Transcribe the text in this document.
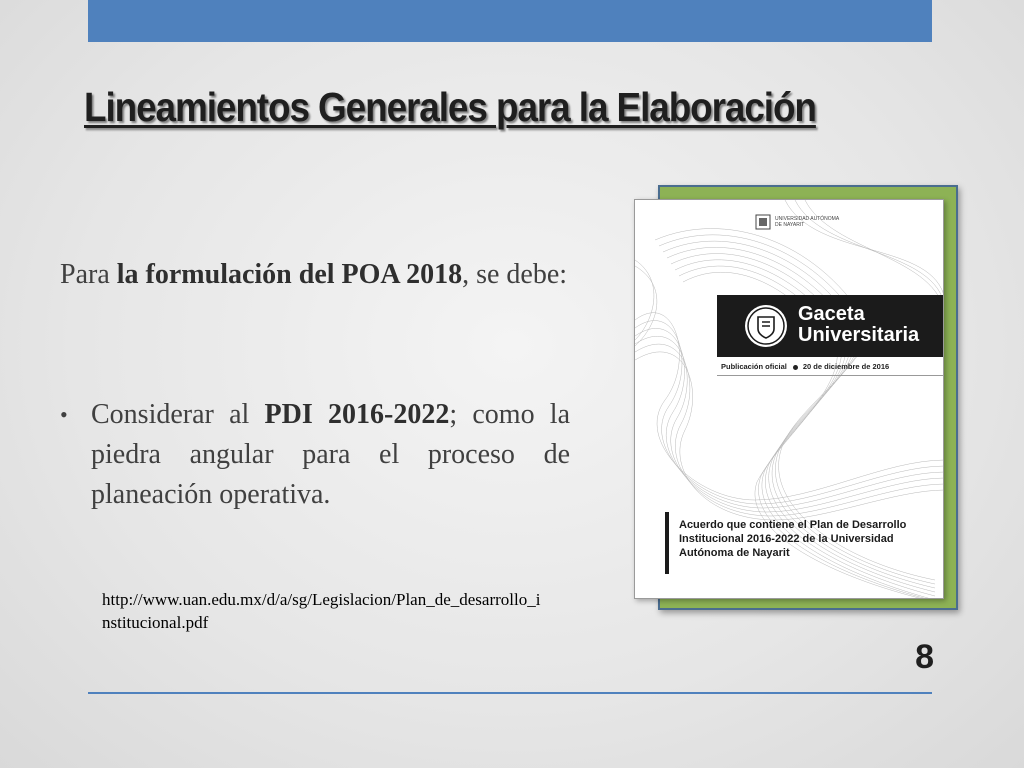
Lineamientos Generales para la Elaboración
Para la formulación del POA 2018, se debe:
• Considerar al PDI 2016-2022; como la piedra angular para el proceso de planeación operativa.
http://www.uan.edu.mx/d/a/sg/Legislacion/Plan_de_desarrollo_institucional.pdf
UNIVERSIDAD AUTÓNOMA DE NAYARIT
Gaceta Universitaria
Publicación oficial 20 de diciembre de 2016
Acuerdo que contiene el Plan de Desarrollo Institucional 2016-2022 de la Universidad Autónoma de Nayarit
8
